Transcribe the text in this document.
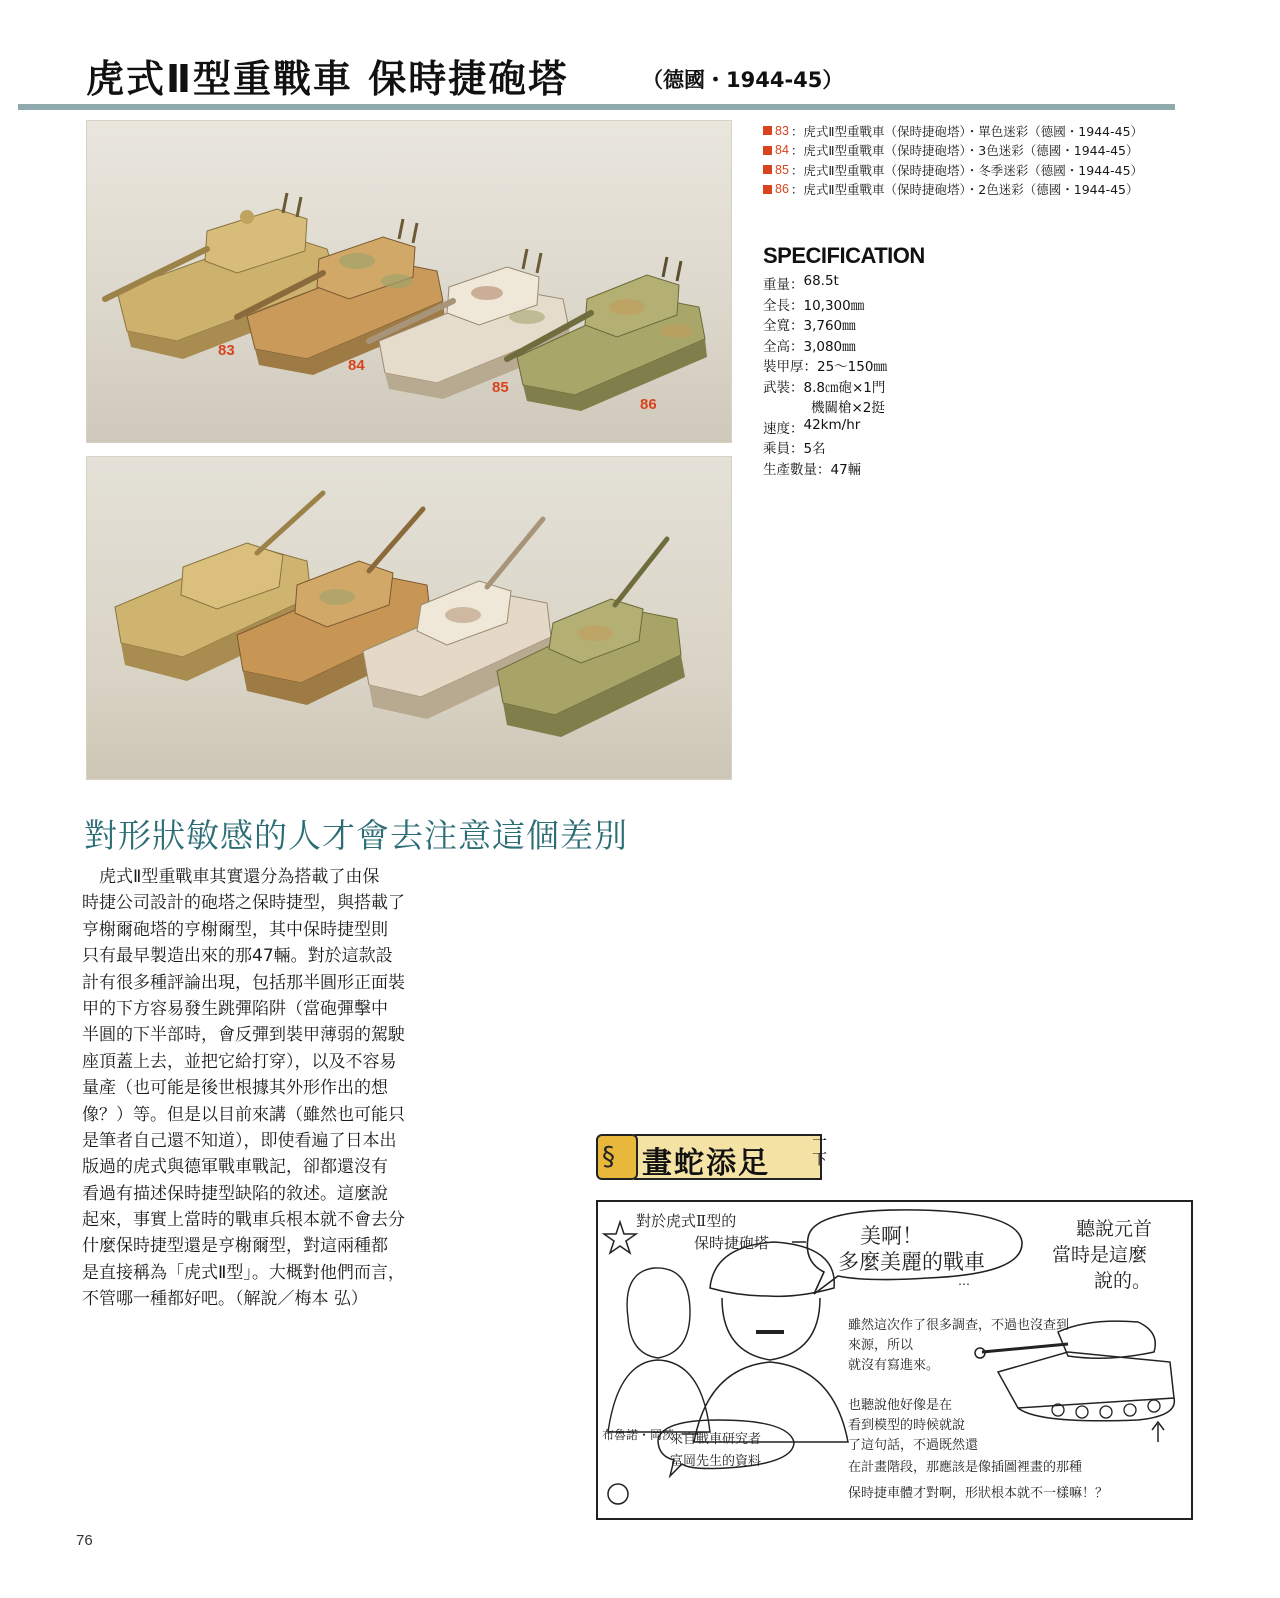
虎式Ⅱ型重戰車 保時捷砲塔	（德國・1944-45）
83
84
85
86
83 ：虎式Ⅱ型重戰車（保時捷砲塔）・單色迷彩（德國・1944-45）
84 ：虎式Ⅱ型重戰車（保時捷砲塔）・3色迷彩（德國・1944-45）
85 ：虎式Ⅱ型重戰車（保時捷砲塔）・冬季迷彩（德國・1944-45）
86 ：虎式Ⅱ型重戰車（保時捷砲塔）・2色迷彩（德國・1944-45）
SPECIFICATION
重量 ： 68.5t
全長 ： 10,300㎜
全寬 ： 3,760㎜
全高 ： 3,080㎜
裝甲厚 ： 25〜150㎜
武裝 ： 8.8㎝砲×1門
機關槍×2挺
速度 ： 42km/hr
乘員 ： 5名
生產數量 ： 47輛
對形狀敏感的人才會去注意這個差別
　虎式Ⅱ型重戰車其實還分為搭載了由保
時捷公司設計的砲塔之保時捷型，與搭載了
亨榭爾砲塔的亨榭爾型，其中保時捷型則
只有最早製造出來的那47輛。對於這款設
計有很多種評論出現，包括那半圓形正面裝
甲的下方容易發生跳彈陷阱（當砲彈擊中
半圓的下半部時，會反彈到裝甲薄弱的駕駛
座頂蓋上去，並把它給打穿），以及不容易
量產（也可能是後世根據其外形作出的想
像？）等。但是以目前來講（雖然也可能只
是筆者自己還不知道），即使看遍了日本出
版過的虎式與德軍戰車戰記，卻都還沒有
看過有描述保時捷型缺陷的敘述。這麼說
起來，事實上當時的戰車兵根本就不會去分
什麼保時捷型還是亨榭爾型，對這兩種都
是直接稱為「虎式Ⅱ型」。大概對他們而言，
不管哪一種都好吧。（解說／梅本 弘）
§ 畫蛇添足
一下
對於虎式Ⅱ型的
保時捷砲塔	美啊！
多麼美麗的戰車
…
聽說元首
當時是這麼
說的。
雖然這次作了很多調查，不過也沒查到
來源，所以
就沒有寫進來。
也聽說他好像是在
看到模型的時候就說
了這句話，不過既然還
在計畫階段，那應該是像插圖裡畫的那種
保時捷車體才對啊，形狀根本就不一樣嘛！？
布魯諾・岡茨
來自戰車研究者
富岡先生的資料
76
